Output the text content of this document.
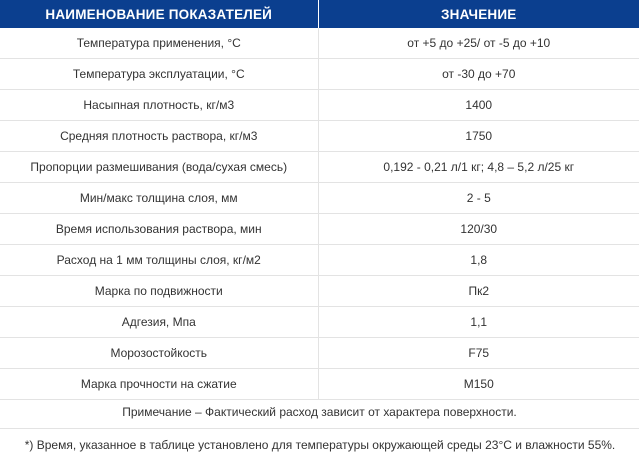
НАИМЕНОВАНИЕ ПОКАЗАТЕЛЕЙ	ЗНАЧЕНИЕ
Температура применения, °С	от +5 до +25/ от -5 до +10
Температура эксплуатации, °С	от -30 до +70
Насыпная плотность, кг/м3	1400
Средняя плотность раствора, кг/м3	1750
Пропорции размешивания (вода/сухая смесь)	0,192 - 0,21 л/1 кг; 4,8 – 5,2 л/25 кг
Мин/макс толщина слоя, мм	2 - 5
Время использования раствора, мин	120/30
Расход на 1 мм толщины слоя, кг/м2	1,8
Марка по подвижности	Пк2
Адгезия, Мпа	1,1
Морозостойкость	F75
Марка прочности на сжатие	М150
Примечание – Фактический расход зависит от характера поверхности.
*) Время, указанное в таблице установлено для температуры окружающей среды 23°С и влажности 55%.
